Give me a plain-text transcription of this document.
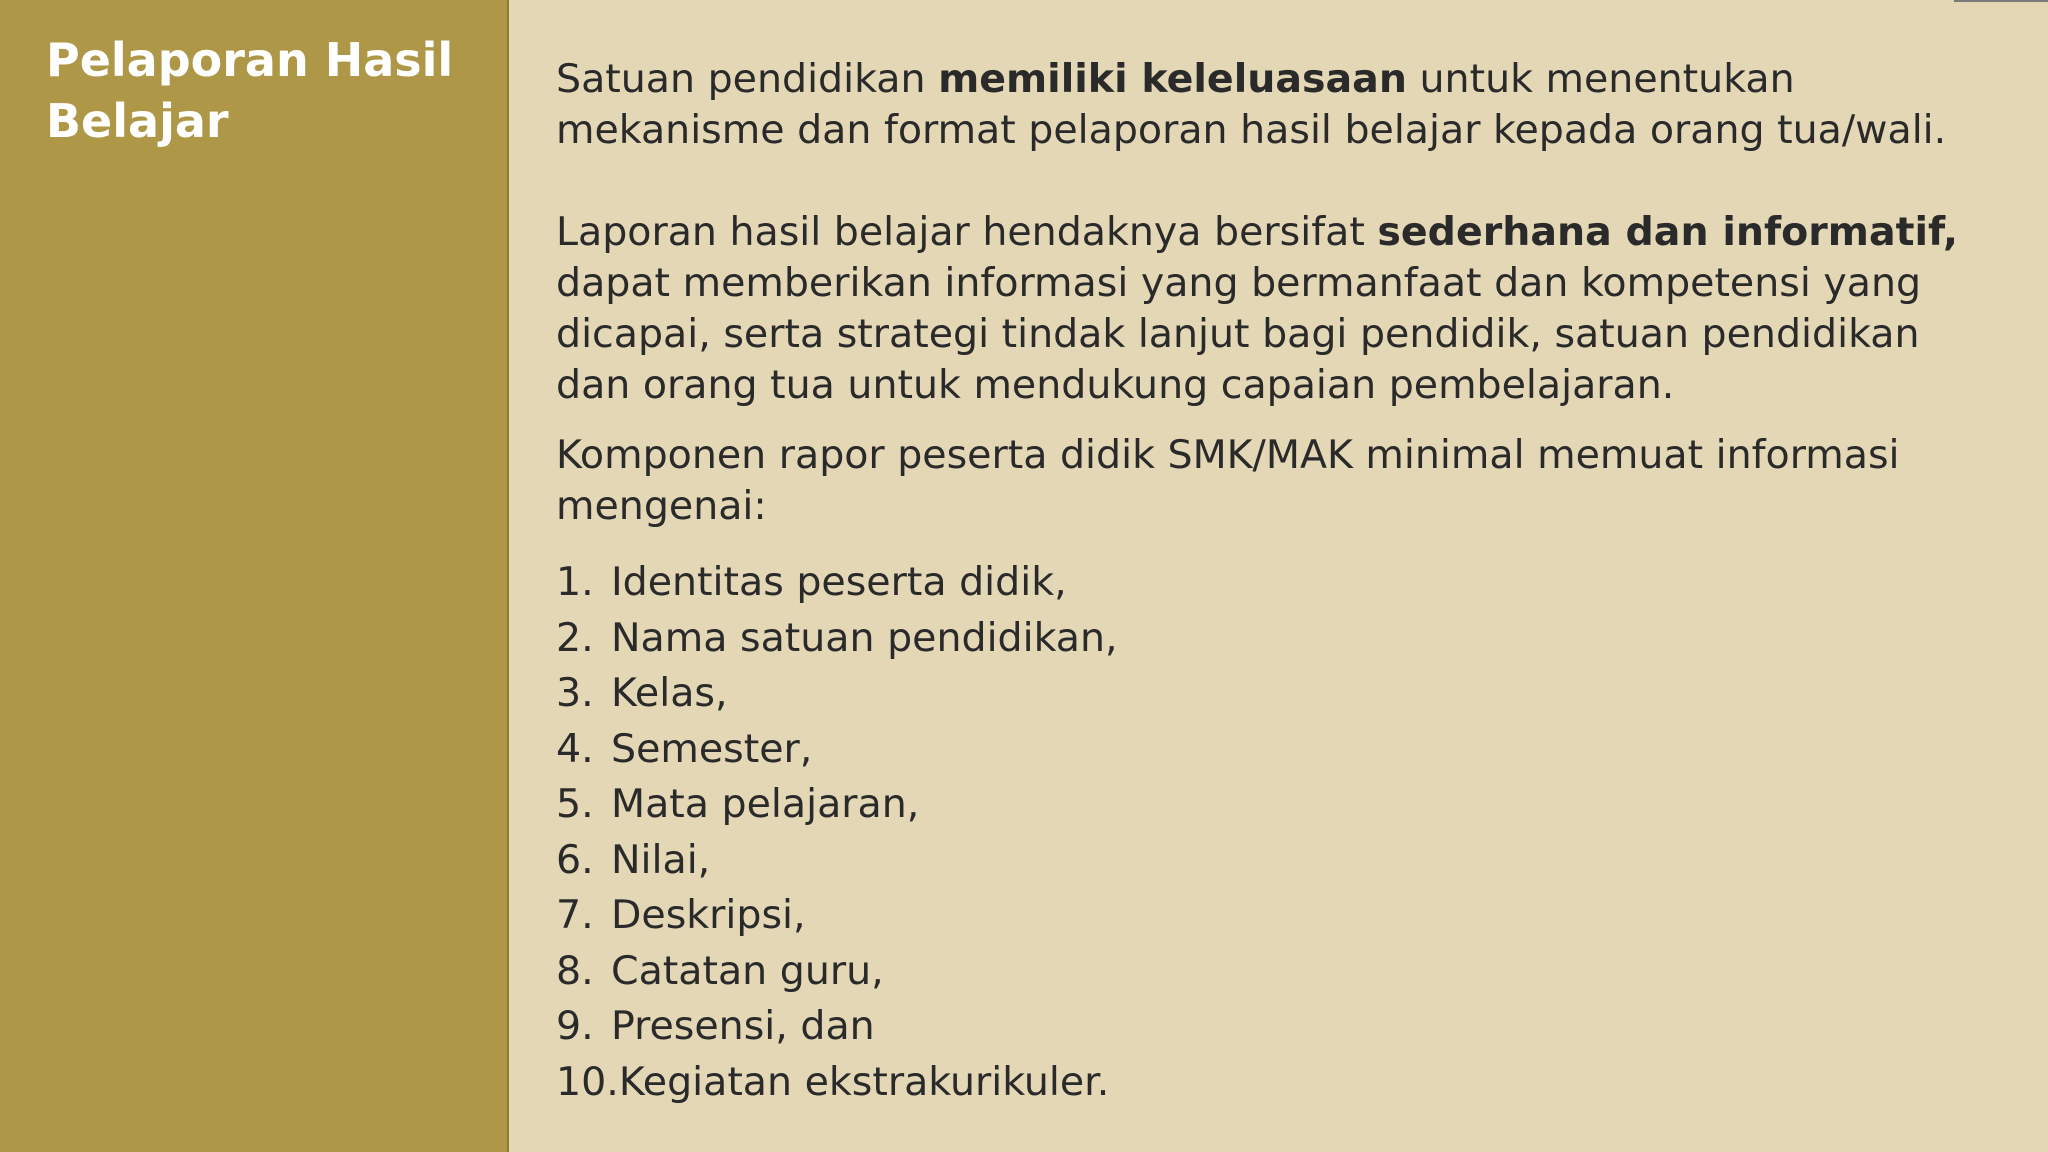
Pelaporan Hasil Belajar

Satuan pendidikan memiliki keleluasaan untuk menentukan mekanisme dan format pelaporan hasil belajar kepada orang tua/wali.

Laporan hasil belajar hendaknya bersifat sederhana dan informatif, dapat memberikan informasi yang bermanfaat dan kompetensi yang dicapai, serta strategi tindak lanjut bagi pendidik, satuan pendidikan dan orang tua untuk mendukung capaian pembelajaran.

Komponen rapor peserta didik SMK/MAK minimal memuat informasi mengenai:

1. Identitas peserta didik,
2. Nama satuan pendidikan,
3. Kelas,
4. Semester,
5. Mata pelajaran,
6. Nilai,
7. Deskripsi,
8. Catatan guru,
9. Presensi, dan
10. Kegiatan ekstrakurikuler.
